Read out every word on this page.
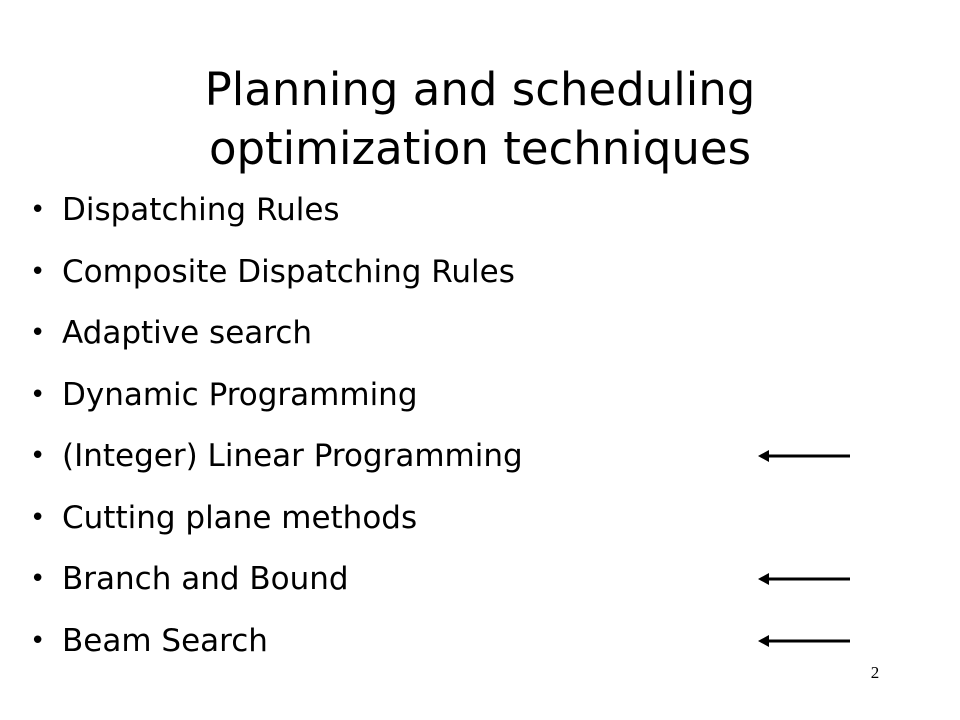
Planning and scheduling
optimization techniques
• Dispatching Rules
• Composite Dispatching Rules
• Adaptive search
• Dynamic Programming
• (Integer) Linear Programming
• Cutting plane methods
• Branch and Bound
• Beam Search
2
